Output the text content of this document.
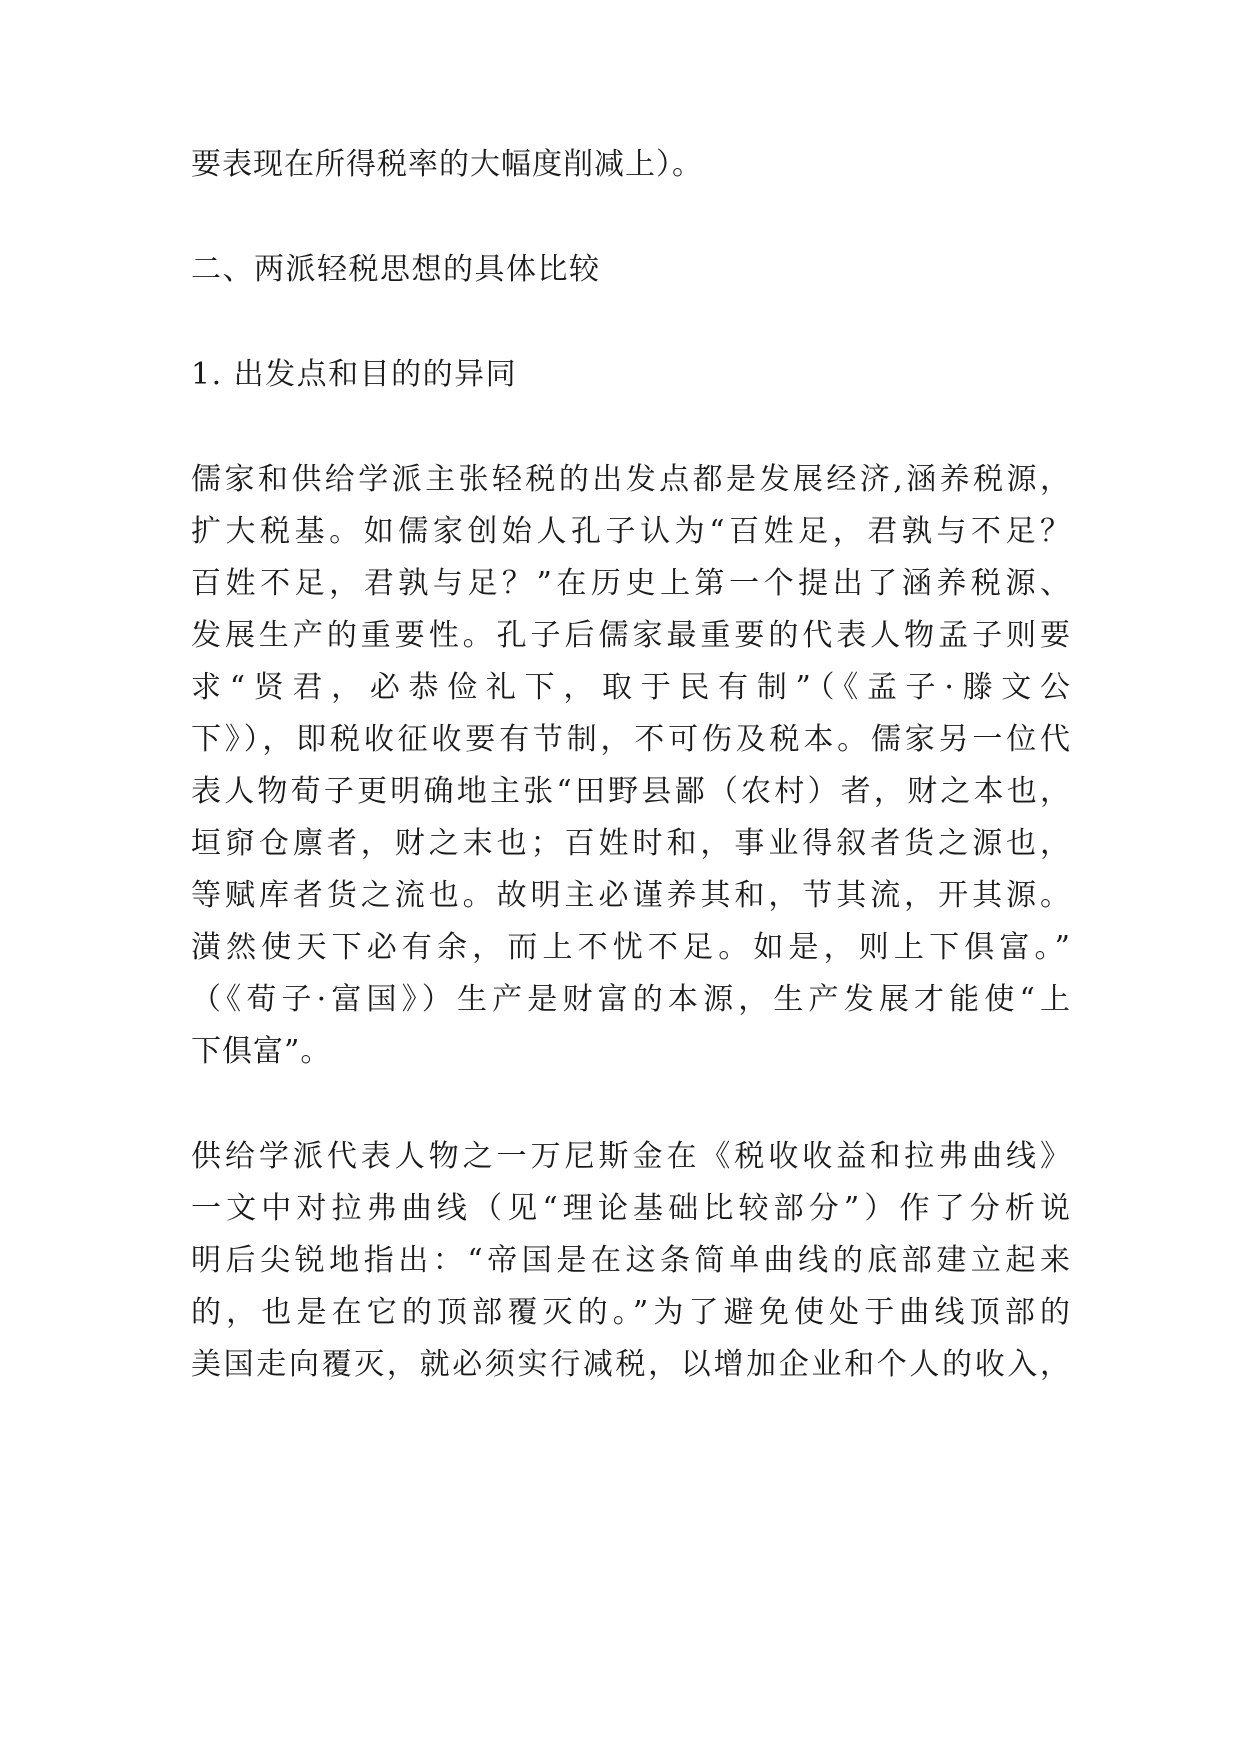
要表现在所得税率的大幅度削减上）。
二、两派轻税思想的具体比较
1. 出发点和目的的异同
儒家和供给学派主张轻税的出发点都是发展经济,涵养税源，
扩大税基。如儒家创始人孔子认为“百姓足，君孰与不足？
百姓不足，君孰与足？”在历史上第一个提出了涵养税源、
发展生产的重要性。孔子后儒家最重要的代表人物孟子则要
求“贤君，必恭俭礼下，取于民有制”（《孟子·滕文公
下》），即税收征收要有节制，不可伤及税本。儒家另一位代
表人物荀子更明确地主张“田野县鄙（农村）者，财之本也，
垣窌仓廪者，财之末也；百姓时和，事业得叙者货之源也，
等赋库者货之流也。故明主必谨养其和，节其流，开其源。
潢然使天下必有余，而上不忧不足。如是，则上下俱富。”
（《荀子·富国》）生产是财富的本源，生产发展才能使“上
下俱富”。
供给学派代表人物之一万尼斯金在《税收收益和拉弗曲线》
一文中对拉弗曲线（见“理论基础比较部分”）作了分析说
明后尖锐地指出：“帝国是在这条简单曲线的底部建立起来
的，也是在它的顶部覆灭的。”为了避免使处于曲线顶部的
美国走向覆灭，就必须实行减税，以增加企业和个人的收入，
